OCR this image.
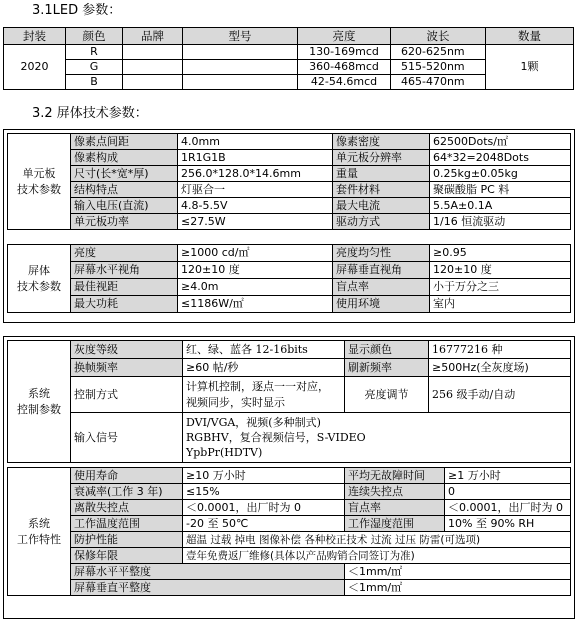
3.1LED 参数：
封装	颜色	品牌	型号	亮度	波长	数量
2020	R			130-169mcd	620-625nm	1颗
	G			360-468mcd	515-520nm	
	B			42-54.6mcd	465-470nm	
3.2 屏体技术参数：
单元板
技术参数	像素点间距	4.0mm	像素密度	62500Dots/㎡
	像素构成	1R1G1B	单元板分辨率	64*32=2048Dots
	尺寸(长*宽*厚)	256.0*128.0*14.6mm	重量	0.25kg±0.05kg
	结构特点	灯驱合一	套件材料	聚碳酸脂 PC 料
	输入电压(直流)	4.8-5.5V	最大电流	5.5A±0.1A
	单元板功率	≤27.5W	驱动方式	1/16 恒流驱动
屏体
技术参数	亮度	≥1000 cd/㎡	亮度均匀性	≥0.95
	屏幕水平视角	120±10 度	屏幕垂直视角	120±10 度
	最佳视距	≥4.0m	盲点率	小于万分之三
	最大功耗	≤1186W/㎡	使用环境	室内
系统
控制参数	灰度等级	红、绿、蓝各 12-16bits	显示颜色	16777216 种
	换帧频率	≥60 帖/秒	刷新频率	≥500Hz(全灰度场)
	控制方式	计算机控制，逐点一一对应，
视频同步，实时显示	亮度调节	256 级手动/自动
	输入信号	DVI/VGA，视频(多种制式)
RGBHV，复合视频信号，S-VIDEO
YpbPr(HDTV)		
系统
工作特性	使用寿命	≥10 万小时	平均无故障时间	≥1 万小时
	衰减率(工作 3 年)	≤15%	连续失控点	0
	离散失控点	＜0.0001，出厂时为 0	盲点率	＜0.0001，出厂时为 0
	工作温度范围	-20 至 50℃	工作湿度范围	10% 至 90% RH
	防护性能	超温 过载 掉电 图像补偿 各种校正技术 过流 过压 防雷(可选项)		
	保修年限	壹年免费返厂维修(具体以产品购销合同签订为准)		
	屏幕水平平整度		＜1mm/㎡	
	屏幕垂直平整度		＜1mm/㎡	
